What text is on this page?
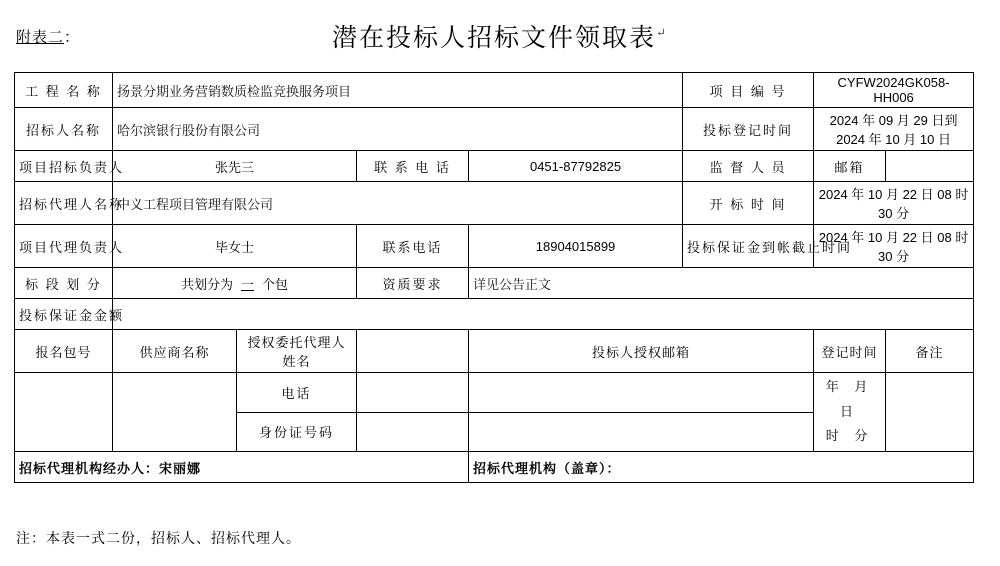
附表二：	潜在投标人招标文件领取表↵
工 程 名 称	扬景分期业务营销数质检监竞换服务项目				项 目 编 号	CYFW2024GK058-HH006	
招标人名称	哈尔滨银行股份有限公司				投标登记时间	2024 年 09 月 29 日到 2024 年 10 月 10 日	
项目招标负责人	张先三		联 系 电 话	0451-87792825	监 督 人 员	邮箱	
招标代理人名称	中义工程项目管理有限公司				开 标 时 间	2024 年 10 月 22 日 08 时 30 分	
项目代理负责人	毕女士		联系电话	18904015899	投标保证金到帐截止时间	2024 年 10 月 22 日 08 时 30 分	
标 段 划 分	共划分为 一 个包		资质要求	详见公告正文			
投标保证金金额							
报名包号	供应商名称	授权委托代理人姓名		投标人授权邮箱		登记时间	备注
		电话				年 月 日
时 分	

		身份证号码					
招标代理机构经办人：宋丽娜				招标代理机构（盖章）：			
注：本表一式二份，招标人、招标代理人。
